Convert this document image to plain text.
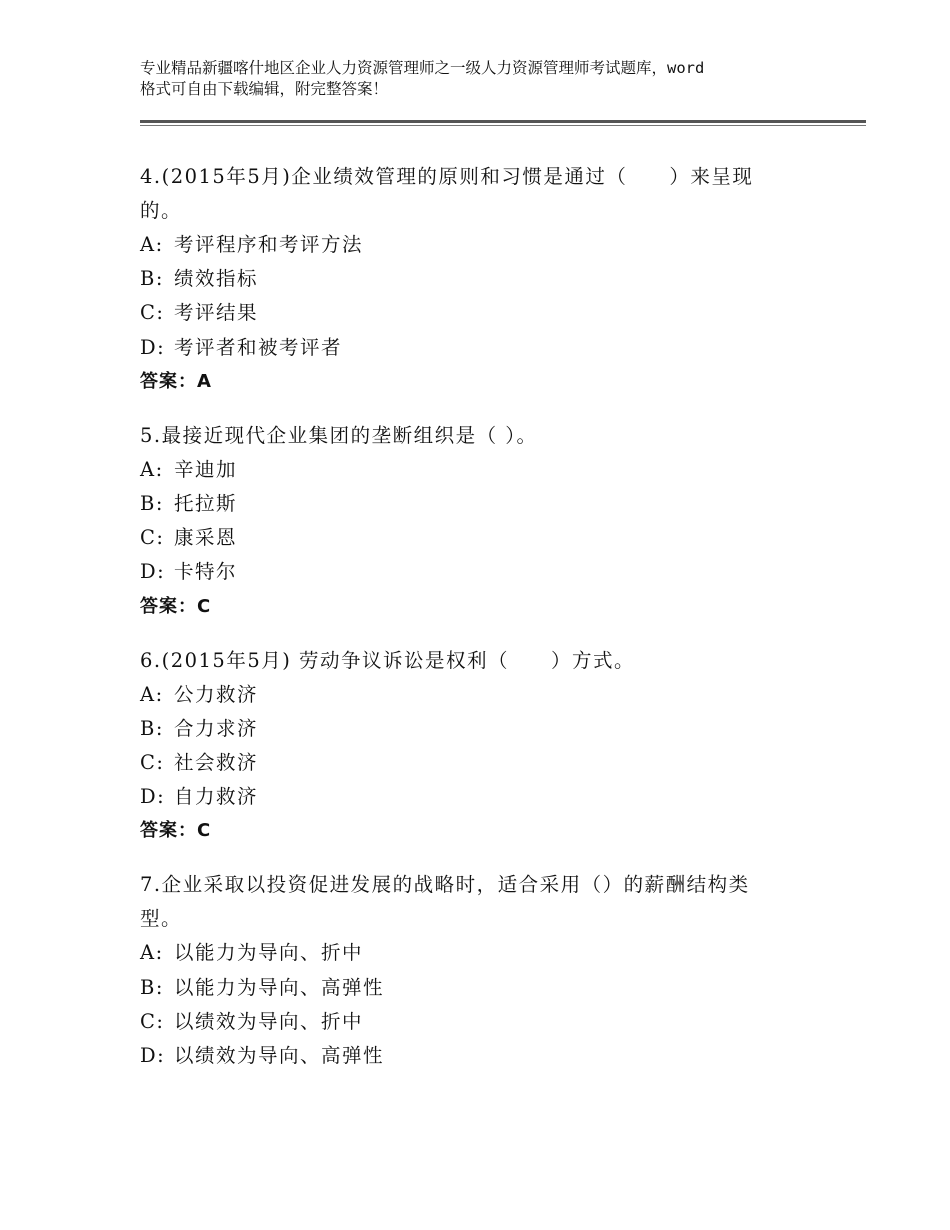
专业精品新疆喀什地区企业人力资源管理师之一级人力资源管理师考试题库，word
格式可自由下载编辑，附完整答案！
4.(2015年5月)企业绩效管理的原则和习惯是通过（　　）来呈现的。
A: 考评程序和考评方法
B: 绩效指标
C: 考评结果
D: 考评者和被考评者
答案：A
5.最接近现代企业集团的垄断组织是（ ）。
A: 辛迪加
B: 托拉斯
C: 康采恩
D: 卡特尔
答案：C
6.(2015年5月) 劳动争议诉讼是权利（　　）方式。
A: 公力救济
B: 合力求济
C: 社会救济
D: 自力救济
答案：C
7.企业采取以投资促进发展的战略时，适合采用（）的薪酬结构类型。
A: 以能力为导向、折中
B: 以能力为导向、高弹性
C: 以绩效为导向、折中
D: 以绩效为导向、高弹性
